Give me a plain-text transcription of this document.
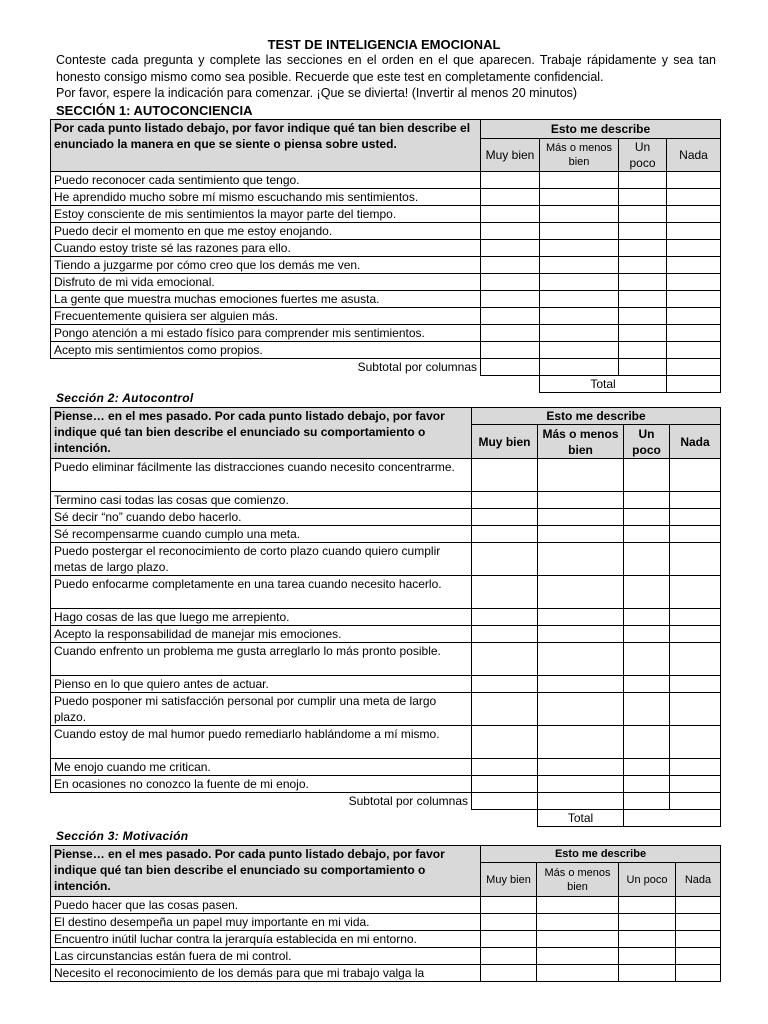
TEST DE INTELIGENCIA EMOCIONAL

Conteste cada pregunta y complete las secciones en el orden en el que aparecen. Trabaje rápidamente y sea tan honesto consigo mismo como sea posible. Recuerde que este test en completamente confidencial.

Por favor, espere la indicación para comenzar. ¡Que se divierta! (Invertir al menos 20 minutos)

SECCIÓN 1: AUTOCONCIENCIA
Por cada punto listado debajo, por favor indique qué tan bien describe el enunciado la manera en que se siente o piensa sobre usted.	Esto me describe			
	Muy bien	Más o menos bien	Un poco	Nada
Puedo reconocer cada sentimiento que tengo.				
He aprendido mucho sobre mí mismo escuchando mis sentimientos.				
Estoy consciente de mis sentimientos la mayor parte del tiempo.				
Puedo decir el momento en que me estoy enojando.				
Cuando estoy triste sé las razones para ello.				
Tiendo a juzgarme por cómo creo que los demás me ven.				
Disfruto de mi vida emocional.				
La gente que muestra muchas emociones fuertes me asusta.				
Frecuentemente quisiera ser alguien más.				
Pongo atención a mi estado físico para comprender mis sentimientos.				
Acepto mis sentimientos como propios.				
Subtotal por columnas				
		Total		
Sección 2: Autocontrol
Piense… en el mes pasado. Por cada punto listado debajo, por favor indique qué tan bien describe el enunciado su comportamiento o intención.	Esto me describe			
	Muy bien	Más o menos bien	Un poco	Nada
Puedo eliminar fácilmente las distracciones cuando necesito concentrarme.				
Termino casi todas las cosas que comienzo.				
Sé decir “no” cuando debo hacerlo.				
Sé recompensarme cuando cumplo una meta.				
Puedo postergar el reconocimiento de corto plazo cuando quiero cumplir metas de largo plazo.				
Puedo enfocarme completamente en una tarea cuando necesito hacerlo.				
Hago cosas de las que luego me arrepiento.				
Acepto la responsabilidad de manejar mis emociones.				
Cuando enfrento un problema me gusta arreglarlo lo más pronto posible.				
Pienso en lo que quiero antes de actuar.				
Puedo posponer mi satisfacción personal por cumplir una meta de largo plazo.				
Cuando estoy de mal humor puedo remediarlo hablándome a mí mismo.				
Me enojo cuando me critican.				
En ocasiones no conozco la fuente de mi enojo.				
Subtotal por columnas				
		Total		
Sección 3: Motivación
Piense… en el mes pasado. Por cada punto listado debajo, por favor indique qué tan bien describe el enunciado su comportamiento o intención.	Esto me describe			
	Muy bien	Más o menos bien	Un poco	Nada
Puedo hacer que las cosas pasen.				
El destino desempeña un papel muy importante en mi vida.				
Encuentro inútil luchar contra la jerarquía establecida en mi entorno.				
Las circunstancias están fuera de mi control.				
Necesito el reconocimiento de los demás para que mi trabajo valga la				
